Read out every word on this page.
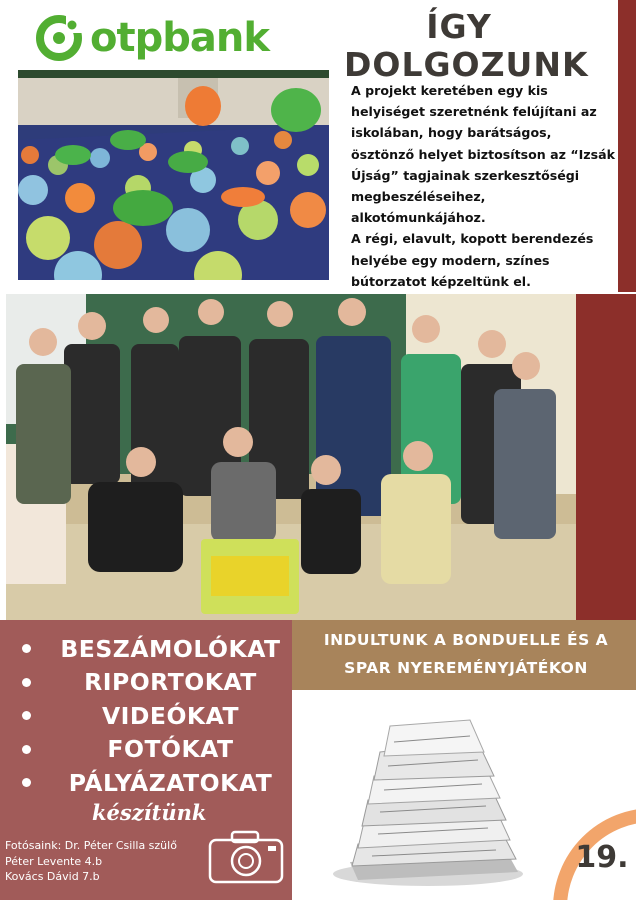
otpbank	ÍGY
DOLGOZUNK

A projekt keretében egy kis helyiséget szeretnénk felújítani az iskolában, hogy barátságos, ösztönző helyet biztosítson az “Izsák Újság” tagjainak szerkesztőségi megbeszéléseihez, alkotómunkájához.

A régi, elavult, kopott berendezés helyébe egy modern, színes bútorzatot képzeltünk el.

BESZÁMOLÓKAT
RIPORTOKAT
VIDEÓKAT
FOTÓKAT
PÁLYÁZATOKAT
készítünk
Fotósaink: Dr. Péter Csilla szülő
Péter Levente 4.b
Kovács Dávid 7.b
INDULTUNK A BONDUELLE ÉS A
SPAR NYEREMÉNYJÁTÉKON
19.
